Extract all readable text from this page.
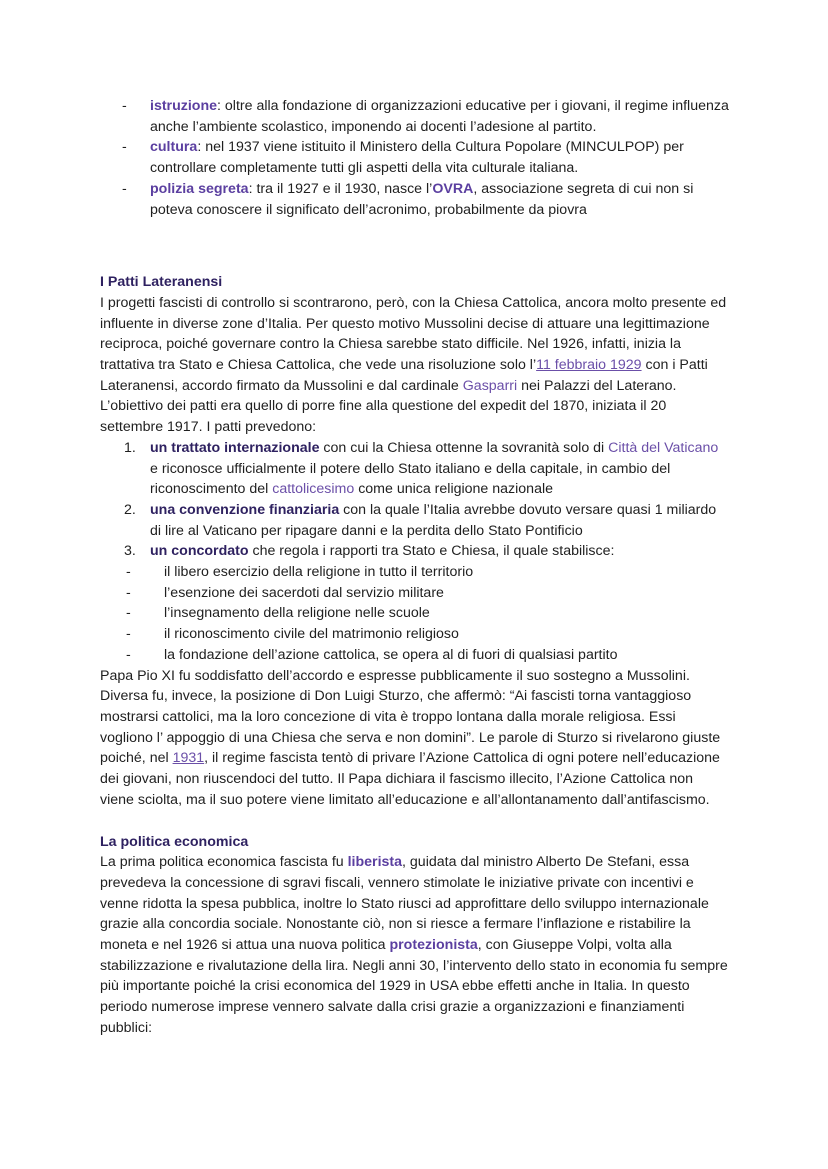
- istruzione: oltre alla fondazione di organizzazioni educative per i giovani, il regime influenza anche l’ambiente scolastico, imponendo ai docenti l’adesione al partito.
- cultura: nel 1937 viene istituito il Ministero della Cultura Popolare (MINCULPOP) per controllare completamente tutti gli aspetti della vita culturale italiana.
- polizia segreta: tra il 1927 e il 1930, nasce l’OVRA, associazione segreta di cui non si poteva conoscere il significato dell’acronimo, probabilmente da piovra

I Patti Lateranensi

I progetti fascisti di controllo si scontrarono, però, con la Chiesa Cattolica, ancora molto presente ed influente in diverse zone d’Italia. Per questo motivo Mussolini decise di attuare una legittimazione reciproca, poiché governare contro la Chiesa sarebbe stato difficile. Nel 1926, infatti, inizia la trattativa tra Stato e Chiesa Cattolica, che vede una risoluzione solo l’11 febbraio 1929 con i Patti Lateranensi, accordo firmato da Mussolini e dal cardinale Gasparri nei Palazzi del Laterano. L’obiettivo dei patti era quello di porre fine alla questione del expedit del 1870, iniziata il 20 settembre 1917. I patti prevedono:

1. un trattato internazionale con cui la Chiesa ottenne la sovranità solo di Città del Vaticano e riconosce ufficialmente il potere dello Stato italiano e della capitale, in cambio del riconoscimento del cattolicesimo come unica religione nazionale
2. una convenzione finanziaria con la quale l’Italia avrebbe dovuto versare quasi 1 miliardo di lire al Vaticano per ripagare danni e la perdita dello Stato Pontificio
3. un concordato che regola i rapporti tra Stato e Chiesa, il quale stabilisce:
- il libero esercizio della religione in tutto il territorio
- l’esenzione dei sacerdoti dal servizio militare
- l’insegnamento della religione nelle scuole
- il riconoscimento civile del matrimonio religioso
- la fondazione dell’azione cattolica, se opera al di fuori di qualsiasi partito

Papa Pio XI fu soddisfatto dell’accordo e espresse pubblicamente il suo sostegno a Mussolini. Diversa fu, invece, la posizione di Don Luigi Sturzo, che affermò: “Ai fascisti torna vantaggioso mostrarsi cattolici, ma la loro concezione di vita è troppo lontana dalla morale religiosa. Essi vogliono l’ appoggio di una Chiesa che serva e non domini”. Le parole di Sturzo si rivelarono giuste poiché, nel 1931, il regime fascista tentò di privare l’Azione Cattolica di ogni potere nell’educazione dei giovani, non riuscendoci del tutto. Il Papa dichiara il fascismo illecito, l’Azione Cattolica non viene sciolta, ma il suo potere viene limitato all’educazione e all’allontanamento dall’antifascismo.

La politica economica

La prima politica economica fascista fu liberista, guidata dal ministro Alberto De Stefani, essa prevedeva la concessione di sgravi fiscali, vennero stimolate le iniziative private con incentivi e venne ridotta la spesa pubblica, inoltre lo Stato riusci ad approfittare dello sviluppo internazionale grazie alla concordia sociale. Nonostante ciò, non si riesce a fermare l’inflazione e ristabilire la moneta e nel 1926 si attua una nuova politica protezionista, con Giuseppe Volpi, volta alla stabilizzazione e rivalutazione della lira. Negli anni 30, l’intervento dello stato in economia fu sempre più importante poiché la crisi economica del 1929 in USA ebbe effetti anche in Italia. In questo periodo numerose imprese vennero salvate dalla crisi grazie a organizzazioni e finanziamenti pubblici:
